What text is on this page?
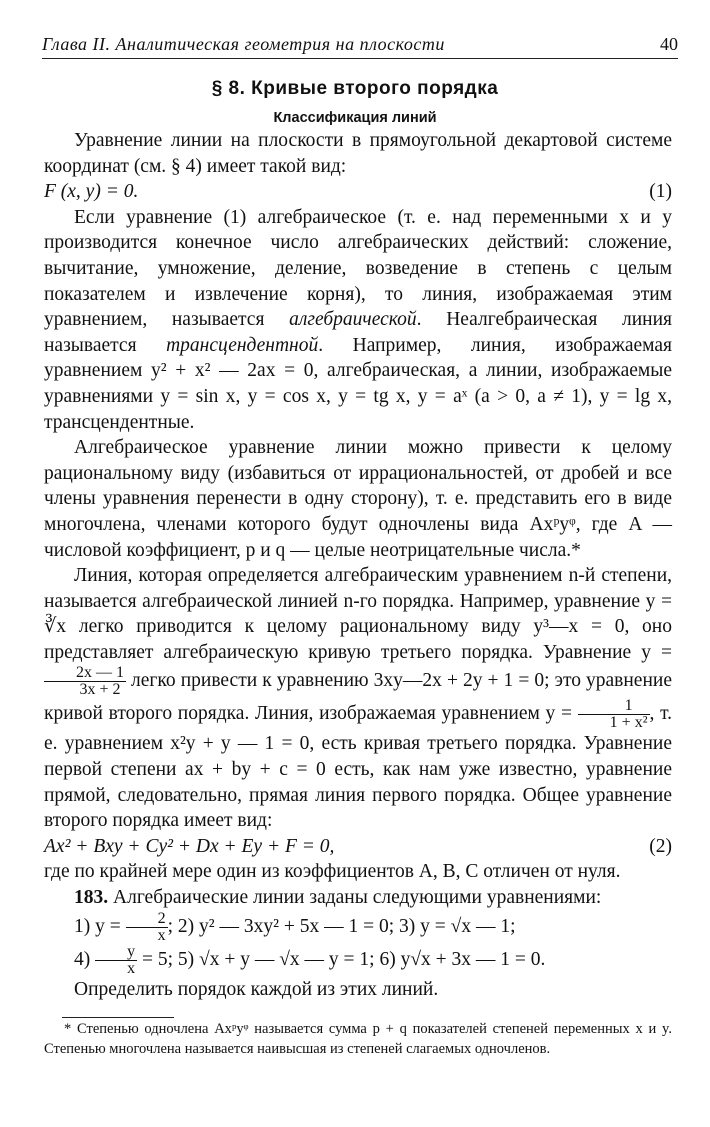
Глава II. Аналитическая геометрия на плоскости	40
§ 8. Кривые второго порядка
Классификация линий

Уравнение линии на плоскости в прямоугольной декартовой системе координат (см. § 4) имеет такой вид:

F (x, y) = 0.	(1)

Если уравнение (1) алгебраическое (т. е. над переменными x и y производится конечное число алгебраических действий: сложение, вычитание, умножение, деление, возведение в степень с целым показателем и извлечение корня), то линия, изображаемая этим уравнением, называется алгебраической. Неалгебраическая линия называется трансцендентной. Например, линия, изображаемая уравнением y² + x² — 2ax = 0, алгебраическая, а линии, изображаемые уравнениями y = sin x, y = cos x, y = tg x, y = aˣ (a > 0, a ≠ 1), y = lg x, трансцендентные.

Алгебраическое уравнение линии можно привести к целому рациональному виду (избавиться от иррациональностей, от дробей и все члены уравнения перенести в одну сторону), т. е. представить его в виде многочлена, членами которого будут одночлены вида Axᵖyᵠ, где A — числовой коэффициент, p и q — целые неотрицательные числа.*

Линия, которая определяется алгебраическим уравнением n-й степени, называется алгебраической линией n-го порядка. Например, уравнение y = ∛x легко приводится к целому рациональному виду y³—x = 0, оно представляет алгебраическую кривую третьего порядка. Уравнение y =
$\frac{2x — 1}{3x + 2}$ легко привести к уравнению 3xy—2x + 2y + 1 = 0; это уравнение кривой второго порядка. Линия, изображаемая уравнением $y = \frac{1}{\text{1 + x²}}$ , т. е. уравнением x²y + y — 1 = 0, есть кривая третьего порядка. Уравнение первой степени ax + by + c = 0 есть, как нам уже известно, уравнение прямой, следовательно, прямая линия первого порядка. Общее уравнение второго порядка имеет вид:

Ax² + Bxy + Cy² + Dx + Ey + F = 0,	(2)

где по крайней мере один из коэффициентов A, B, C отличен от нуля.

183. Алгебраические линии заданы следующими уравнениями:

1) $y = \frac{2}{x}$ ; 2) y² — 3xy² + 5x — 1 = 0; 3) y = √x — 1;

$4) \frac{y}{x} = 5$; 5) √x + y — √x — y = 1; 6) y√x + 3x — 1 = 0.

Определить порядок каждой из этих линий.

* Степенью одночлена Axᵖyᵠ называется сумма p + q показателей степеней переменных x и y. Степенью многочлена называется наивысшая из степеней слагаемых одночленов.
